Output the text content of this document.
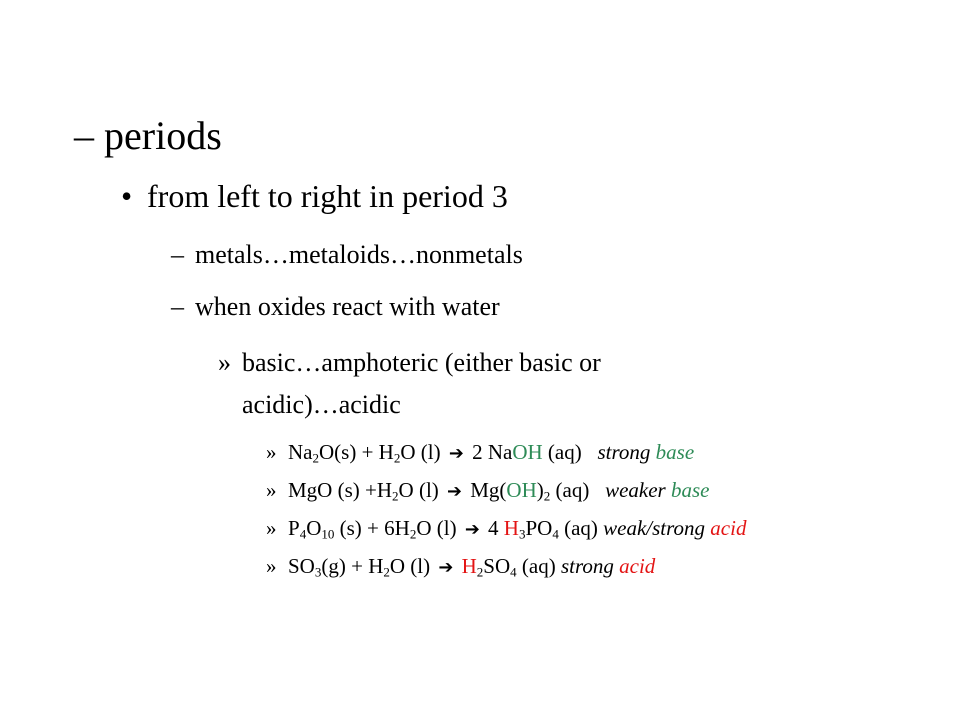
– periods
• from left to right in period 3
– metals…metaloids…nonmetals
– when oxides react with water
» basic…amphoteric (either basic or
acidic)…acidic
» $Na_2O(s) + H_2O$ (l) ➔ 2 NaOH (aq)   strong base
» MgO $(s) +H_2O$ (l) ➔ $Mg(OH)_2$ (aq)   weaker base
» $P_4O_{10}$ $(s) + 6H_2O$ (l) ➔ 4 $H_3PO_4$ (aq) weak/strong acid
» $SO_3(g) + H_2O$ (l) ➔ $H_2SO_4$ (aq) strong acid
